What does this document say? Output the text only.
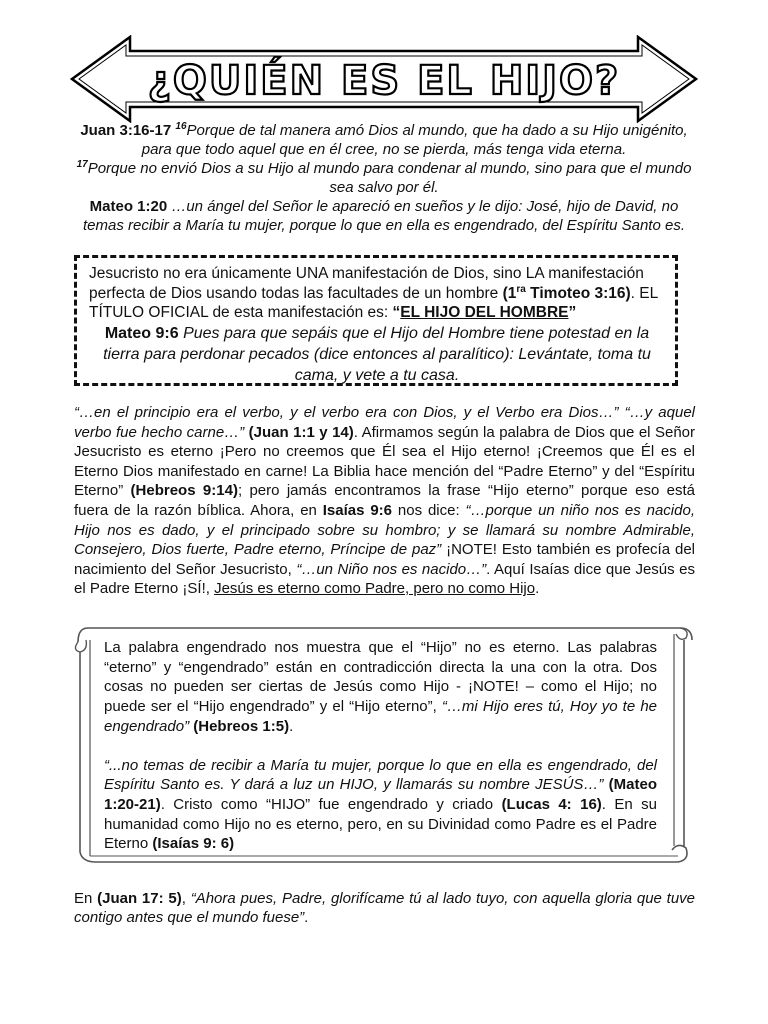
¿QUIÉN ES EL HIJO?
Juan 3:16-17 $^{16}$Porque de tal manera amó Dios al mundo, que ha dado a su Hijo unigénito, para que todo aquel que en él cree, no se pierda, más tenga vida eterna.
$^{17}$Porque no envió Dios a su Hijo al mundo para condenar al mundo, sino para que el mundo sea salvo por él.
Mateo 1:20 …un ángel del Señor le apareció en sueños y le dijo: José, hijo de David, no temas recibir a María tu mujer, porque lo que en ella es engendrado, del Espíritu Santo es.
Jesucristo no era únicamente UNA manifestación de Dios, sino LA manifestación perfecta de Dios usando todas las facultades de un hombre ($1^{ra}$ Timoteo 3:16). EL TÍTULO OFICIAL de esta manifestación es: “EL HIJO DEL HOMBRE”
Mateo 9:6 Pues para que sepáis que el Hijo del Hombre tiene potestad en la tierra para perdonar pecados (dice entonces al paralítico): Levántate, toma tu cama, y vete a tu casa.
“…en el principio era el verbo, y el verbo era con Dios, y el Verbo era Dios…” “…y aquel verbo fue hecho carne…” (Juan 1:1 y 14). Afirmamos según la palabra de Dios que el Señor Jesucristo es eterno ¡Pero no creemos que Él sea el Hijo eterno! ¡Creemos que Él es el Eterno Dios manifestado en carne! La Biblia hace mención del “Padre Eterno” y del “Espíritu Eterno” (Hebreos 9:14); pero jamás encontramos la frase “Hijo eterno” porque eso está fuera de la razón bíblica. Ahora, en Isaías 9:6 nos dice: “…porque un niño nos es nacido, Hijo nos es dado, y el principado sobre su hombro; y se llamará su nombre Admirable, Consejero, Dios fuerte, Padre eterno, Príncipe de paz” ¡NOTE! Esto también es profecía del nacimiento del Señor Jesucristo, “…un Niño nos es nacido…”. Aquí Isaías dice que Jesús es el Padre Eterno ¡SÍ!, Jesús es eterno como Padre, pero no como Hijo.
La palabra engendrado nos muestra que el “Hijo” no es eterno. Las palabras “eterno” y “engendrado” están en contradicción directa la una con la otra. Dos cosas no pueden ser ciertas de Jesús como Hijo - ¡NOTE! – como el Hijo; no puede ser el “Hijo engendrado” y el “Hijo eterno”, “…mi Hijo eres tú, Hoy yo te he engendrado” (Hebreos 1:5).
“...no temas de recibir a María tu mujer, porque lo que en ella es engendrado, del Espíritu Santo es. Y dará a luz un HIJO, y llamarás su nombre JESÚS…” (Mateo 1:20-21). Cristo como “HIJO” fue engendrado y criado (Lucas 4: 16). En su humanidad como Hijo no es eterno, pero, en su Divinidad como Padre es el Padre Eterno (Isaías 9: 6)
En (Juan 17: 5), “Ahora pues, Padre, glorifícame tú al lado tuyo, con aquella gloria que tuve contigo antes que el mundo fuese”.
